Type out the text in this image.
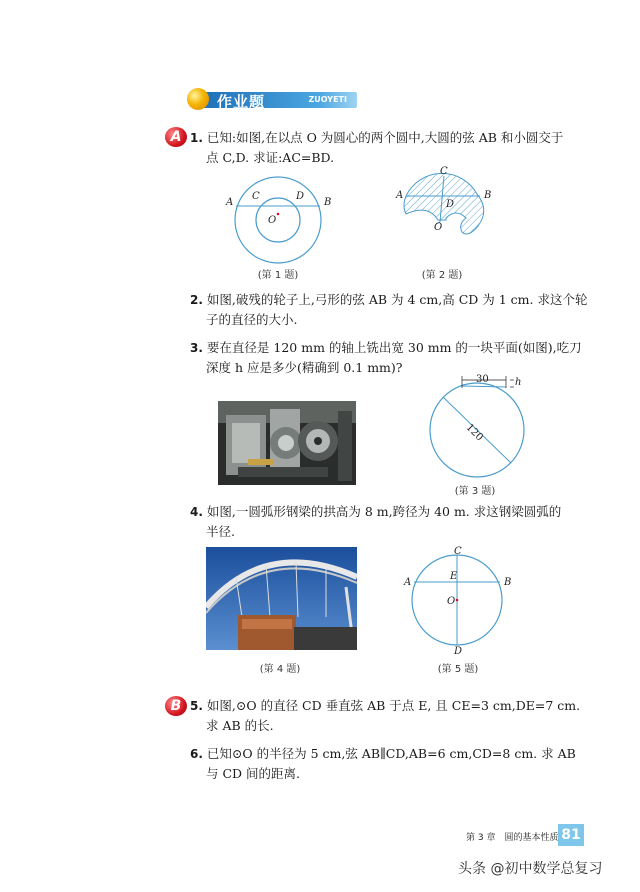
作业题	ZUOYETI
A 1. 已知:如图,在以点 O 为圆心的两个圆中,大圆的弦 AB 和小圆交于
点 C,D. 求证:AC=BD.
A	B
C	D
O
(第 1 题)
C
A	B
D
O
(第 2 题)
2. 如图,破残的轮子上,弓形的弦 AB 为 4 cm,高 CD 为 1 cm. 求这个轮
子的直径的大小.
3. 要在直径是 120 mm 的轴上铣出宽 30 mm 的一块平面(如图),吃刀
深度 h 应是多少(精确到 0.1 mm)?
30	h
120
(第 3 题)
4. 如图,一圆弧形钢梁的拱高为 8 m,跨径为 40 m. 求这钢梁圆弧的
半径.
(第 4 题)
C
A	B
E
O
D
(第 5 题)
B 5. 如图,⊙O 的直径 CD 垂直弦 AB 于点 E, 且 CE=3 cm,DE=7 cm.
求 AB 的长.
6. 已知⊙O 的半径为 5 cm,弦 AB∥CD,AB=6 cm,CD=8 cm. 求 AB
与 CD 间的距离.
第 3 章　圆的基本性质 81
头条 @初中数学总复习
